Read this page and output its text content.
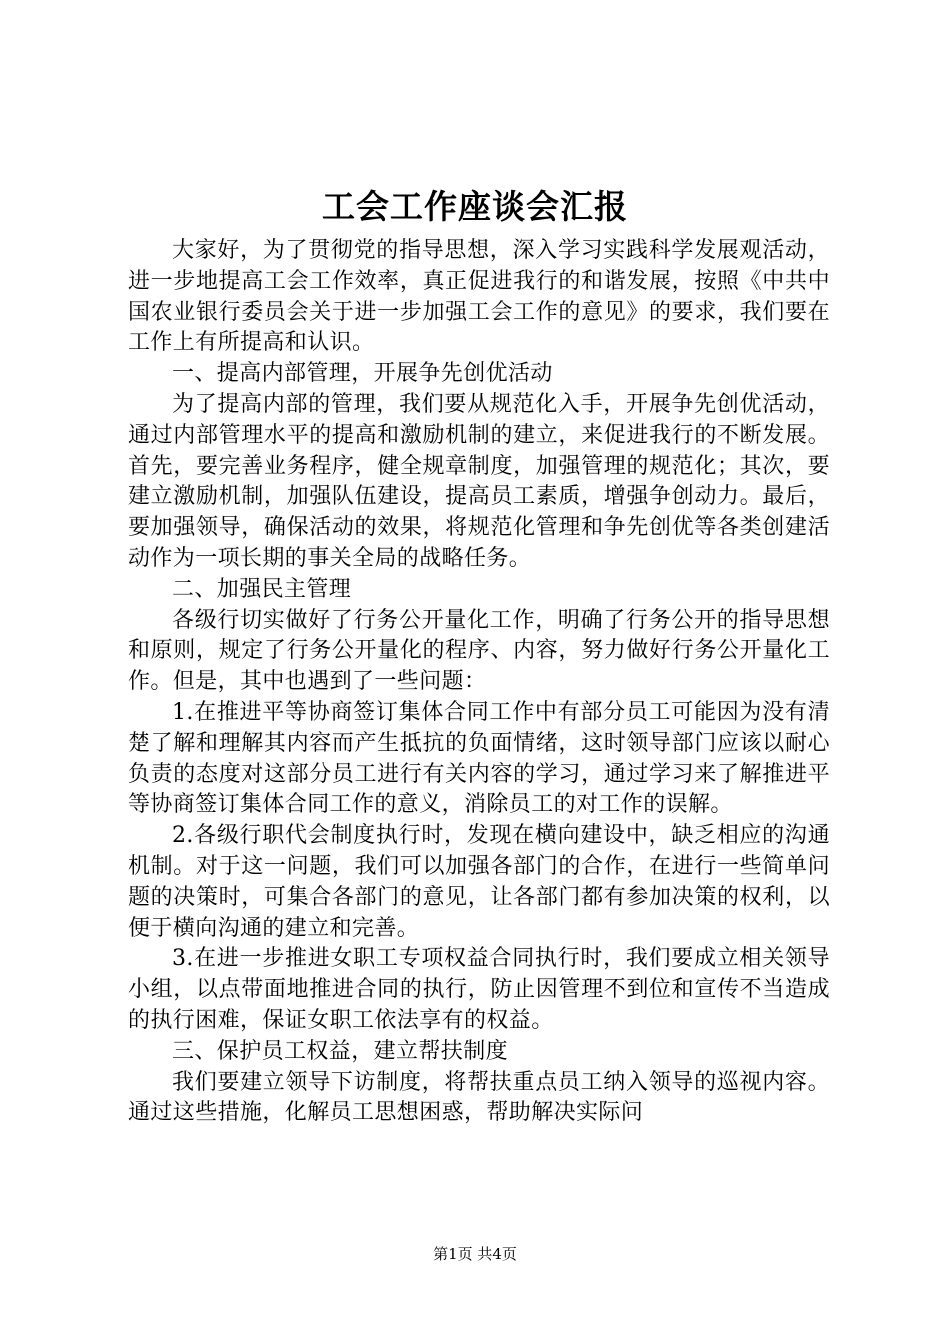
工会工作座谈会汇报

大家好，为了贯彻党的指导思想，深入学习实践科学发展观活动，进一步地提高工会工作效率，真正促进我行的和谐发展，按照《中共中国农业银行委员会关于进一步加强工会工作的意见》的要求，我们要在工作上有所提高和认识。

一、提高内部管理，开展争先创优活动

为了提高内部的管理，我们要从规范化入手，开展争先创优活动，通过内部管理水平的提高和激励机制的建立，来促进我行的不断发展。首先，要完善业务程序，健全规章制度，加强管理的规范化；其次，要建立激励机制，加强队伍建设，提高员工素质，增强争创动力。最后，要加强领导，确保活动的效果，将规范化管理和争先创优等各类创建活动作为一项长期的事关全局的战略任务。

二、加强民主管理

各级行切实做好了行务公开量化工作，明确了行务公开的指导思想和原则，规定了行务公开量化的程序、内容，努力做好行务公开量化工作。但是，其中也遇到了一些问题：

1.在推进平等协商签订集体合同工作中有部分员工可能因为没有清楚了解和理解其内容而产生抵抗的负面情绪，这时领导部门应该以耐心负责的态度对这部分员工进行有关内容的学习，通过学习来了解推进平等协商签订集体合同工作的意义，消除员工的对工作的误解。

2.各级行职代会制度执行时，发现在横向建设中，缺乏相应的沟通机制。对于这一问题，我们可以加强各部门的合作，在进行一些简单问题的决策时，可集合各部门的意见，让各部门都有参加决策的权利，以便于横向沟通的建立和完善。

3.在进一步推进女职工专项权益合同执行时，我们要成立相关领导小组，以点带面地推进合同的执行，防止因管理不到位和宣传不当造成的执行困难，保证女职工依法享有的权益。

三、保护员工权益，建立帮扶制度

我们要建立领导下访制度，将帮扶重点员工纳入领导的巡视内容。通过这些措施，化解员工思想困惑，帮助解决实际问

第1页 共4页
